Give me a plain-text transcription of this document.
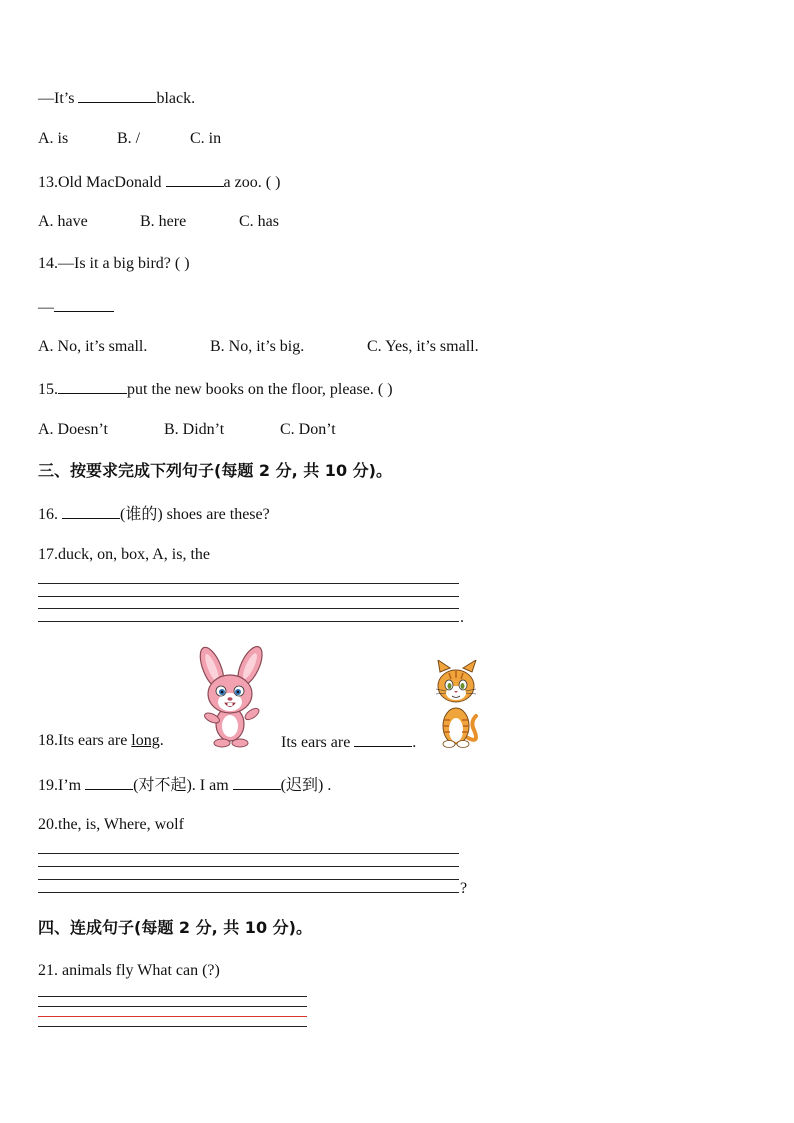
—It’s	black.
A. is	B. /	C. in
13.Old MacDonald	a zoo. ( )
A. have	B. here	C. has
14.—Is it a big bird? ( )
—
A. No, it’s small.	B. No, it’s big.	C. Yes, it’s small.
15.	put the new books on the floor, please. ( )
A. Doesn’t	B. Didn’t	C. Don’t
三、按要求完成下列句子(每题 2 分, 共 10 分)。
16.	(谁的) shoes are these?
17.duck, on, box, A, is, the
.
18.Its ears are long.	Its ears are	.
19.I’m	(对不起). I am	(迟到) .
20.the, is, Where, wolf
?
四、连成句子(每题 2 分, 共 10 分)。
21. animals fly What can (?)
